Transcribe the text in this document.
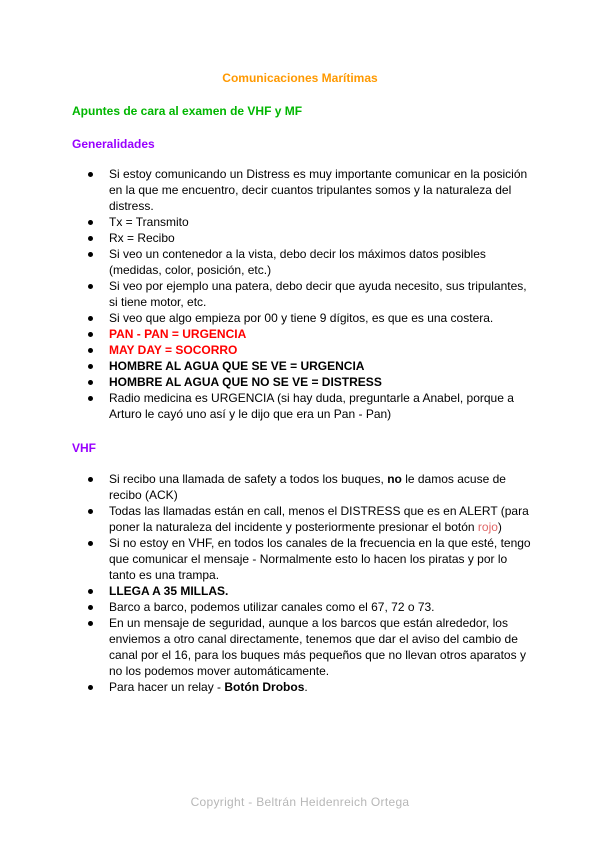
Comunicaciones Marítimas
Apuntes de cara al examen de VHF y MF
Generalidades
Si estoy comunicando un Distress es muy importante comunicar en la posición en la que me encuentro, decir cuantos tripulantes somos y la naturaleza del distress.
Tx = Transmito
Rx = Recibo
Si veo un contenedor a la vista, debo decir los máximos datos posibles (medidas, color, posición, etc.)
Si veo por ejemplo una patera, debo decir que ayuda necesito, sus tripulantes, si tiene motor, etc.
Si veo que algo empieza por 00 y tiene 9 dígitos, es que es una costera.
PAN - PAN = URGENCIA
MAY DAY = SOCORRO
HOMBRE AL AGUA QUE SE VE = URGENCIA
HOMBRE AL AGUA QUE NO SE VE = DISTRESS
Radio medicina es URGENCIA (si hay duda, preguntarle a Anabel, porque a Arturo le cayó uno así y le dijo que era un Pan - Pan)
VHF
Si recibo una llamada de safety a todos los buques, no le damos acuse de recibo (ACK)
Todas las llamadas están en call, menos el DISTRESS que es en ALERT (para poner la naturaleza del incidente y posteriormente presionar el botón rojo)
Si no estoy en VHF, en todos los canales de la frecuencia en la que esté, tengo que comunicar el mensaje - Normalmente esto lo hacen los piratas y por lo tanto es una trampa.
LLEGA A 35 MILLAS.
Barco a barco, podemos utilizar canales como el 67, 72 o 73.
En un mensaje de seguridad, aunque a los barcos que están alrededor, los enviemos a otro canal directamente, tenemos que dar el aviso del cambio de canal por el 16, para los buques más pequeños que no llevan otros aparatos y no los podemos mover automáticamente.
Para hacer un relay - Botón Drobos.
Copyright - Beltrán Heidenreich Ortega
